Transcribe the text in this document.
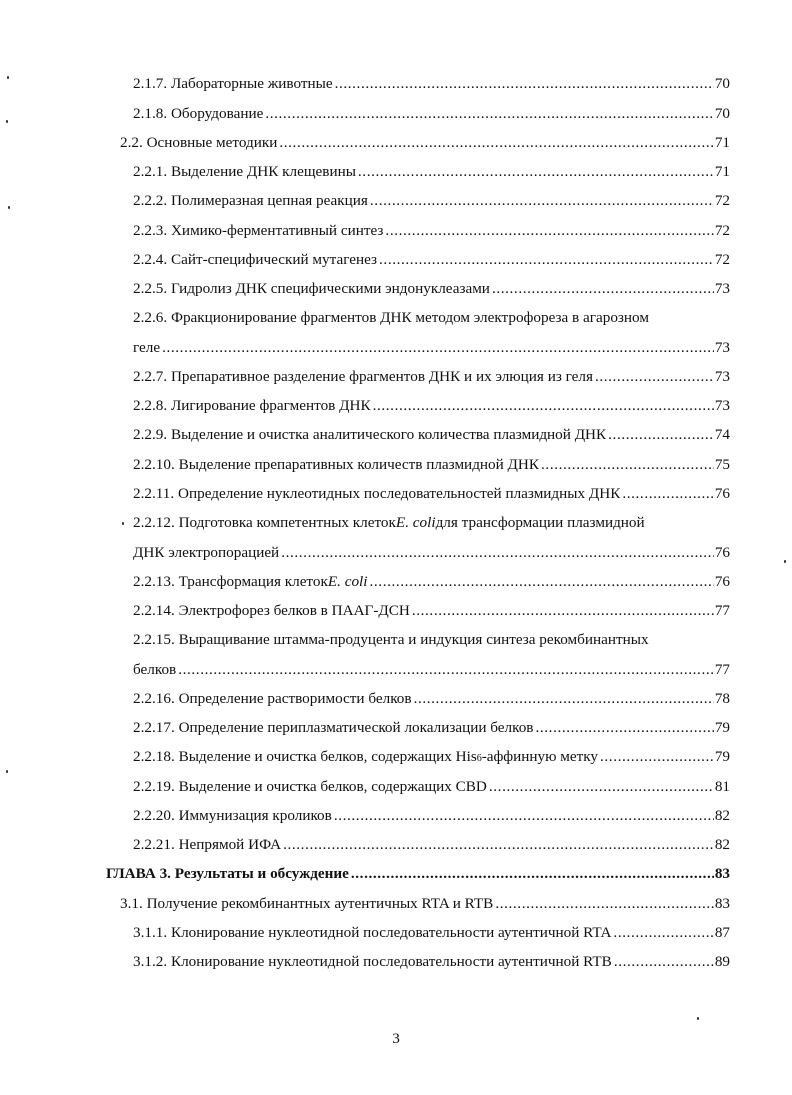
2.1.7. Лабораторные животные .....	70
2.1.8. Оборудование .....	70
2.2. Основные методики .....	71
2.2.1. Выделение ДНК клещевины .....	71
2.2.2. Полимеразная цепная реакция .....	72
2.2.3. Химико-ферментативный синтез .....	72
2.2.4. Сайт-специфический мутагенез .....	72
2.2.5. Гидролиз ДНК специфическими эндонуклеазами .....	73
2.2.6. Фракционирование фрагментов ДНК методом электрофореза в агарозном
геле .....	73
2.2.7. Препаративное разделение фрагментов ДНК и их элюция из геля .....	73
2.2.8. Лигирование фрагментов ДНК .....	73
2.2.9. Выделение и очистка аналитического количества плазмидной ДНК .....	74
2.2.10. Выделение препаративных количеств плазмидной ДНК .....	75
2.2.11. Определение нуклеотидных последовательностей плазмидных ДНК .....	76
2.2.12. Подготовка компетентных клеток E. coli для трансформации плазмидной
ДНК электропорацией .....	76
2.2.13. Трансформация клеток E. coli .....	76
2.2.14. Электрофорез белков в ПААГ-ДСН .....	77
2.2.15. Выращивание штамма-продуцента и индукция синтеза рекомбинантных
белков .....	77
2.2.16. Определение растворимости белков .....	78
2.2.17. Определение периплазматической локализации белков .....	79
2.2.18. Выделение и очистка белков, содержащих His 6 -аффинную метку .....	79
2.2.19. Выделение и очистка белков, содержащих CBD .....	81
2.2.20. Иммунизация кроликов .....	82
2.2.21. Непрямой ИФА .....	82
ГЛАВА 3. Результаты и обсуждение .....	83
3.1. Получение рекомбинантных аутентичных RTA и RTB .....	83
3.1.1. Клонирование нуклеотидной последовательности аутентичной RTA .....	87
3.1.2. Клонирование нуклеотидной последовательности аутентичной RTB .....	89
3
